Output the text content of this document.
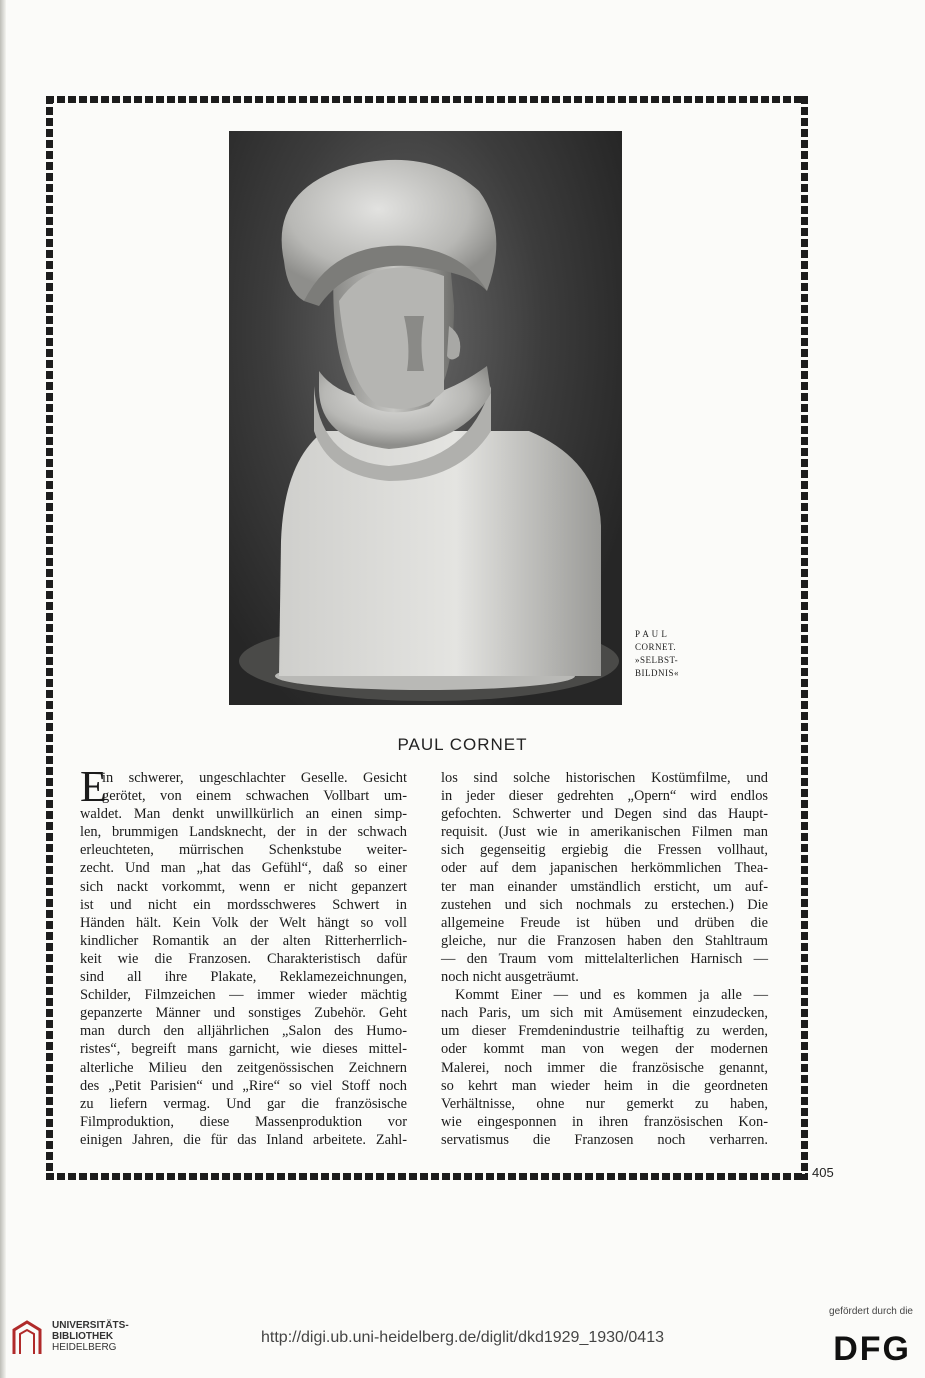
P A U L
CORNET.
»SELBST-
BILDNIS«
PAUL CORNET
E
in schwerer, ungeschlachter Geselle. Gesicht
gerötet, von einem schwachen Vollbart um-
waldet. Man denkt unwillkürlich an einen simp-
len, brummigen Landsknecht, der in der schwach
erleuchteten, mürrischen Schenkstube weiter-
zecht. Und man „hat das Gefühl“, daß so einer
sich nackt vorkommt, wenn er nicht gepanzert
ist und nicht ein mordsschweres Schwert in
Händen hält. Kein Volk der Welt hängt so voll
kindlicher Romantik an der alten Ritterherrlich-
keit wie die Franzosen. Charakteristisch dafür
sind all ihre Plakate, Reklamezeichnungen,
Schilder, Filmzeichen — immer wieder mächtig
gepanzerte Männer und sonstiges Zubehör. Geht
man durch den alljährlichen „Salon des Humo-
ristes“, begreift mans garnicht, wie dieses mittel-
alterliche Milieu den zeitgenössischen Zeichnern
des „Petit Parisien“ und „Rire“ so viel Stoff noch
zu liefern vermag. Und gar die französische
Filmproduktion, diese Massenproduktion vor
einigen Jahren, die für das Inland arbeitete. Zahl-
los sind solche historischen Kostümfilme, und
in jeder dieser gedrehten „Opern“ wird endlos
gefochten. Schwerter und Degen sind das Haupt-
requisit. (Just wie in amerikanischen Filmen man
sich gegenseitig ergiebig die Fressen vollhaut,
oder auf dem japanischen herkömmlichen Thea-
ter man einander umständlich ersticht, um auf-
zustehen und sich nochmals zu erstechen.) Die
allgemeine Freude ist hüben und drüben die
gleiche, nur die Franzosen haben den Stahltraum
— den Traum vom mittelalterlichen Harnisch —
noch nicht ausgeträumt.
Kommt Einer — und es kommen ja alle —
nach Paris, um sich mit Amüsement einzudecken,
um dieser Fremdenindustrie teilhaftig zu werden,
oder kommt man von wegen der modernen
Malerei, noch immer die französische genannt,
so kehrt man wieder heim in die geordneten
Verhältnisse, ohne nur gemerkt zu haben,
wie eingesponnen in ihren französischen Kon-
servatismus die Franzosen noch verharren.
405
UNIVERSITÄTS-
BIBLIOTHEK
HEIDELBERG
http://digi.ub.uni-heidelberg.de/diglit/dkd1929_1930/0413
gefördert durch die
DFG
